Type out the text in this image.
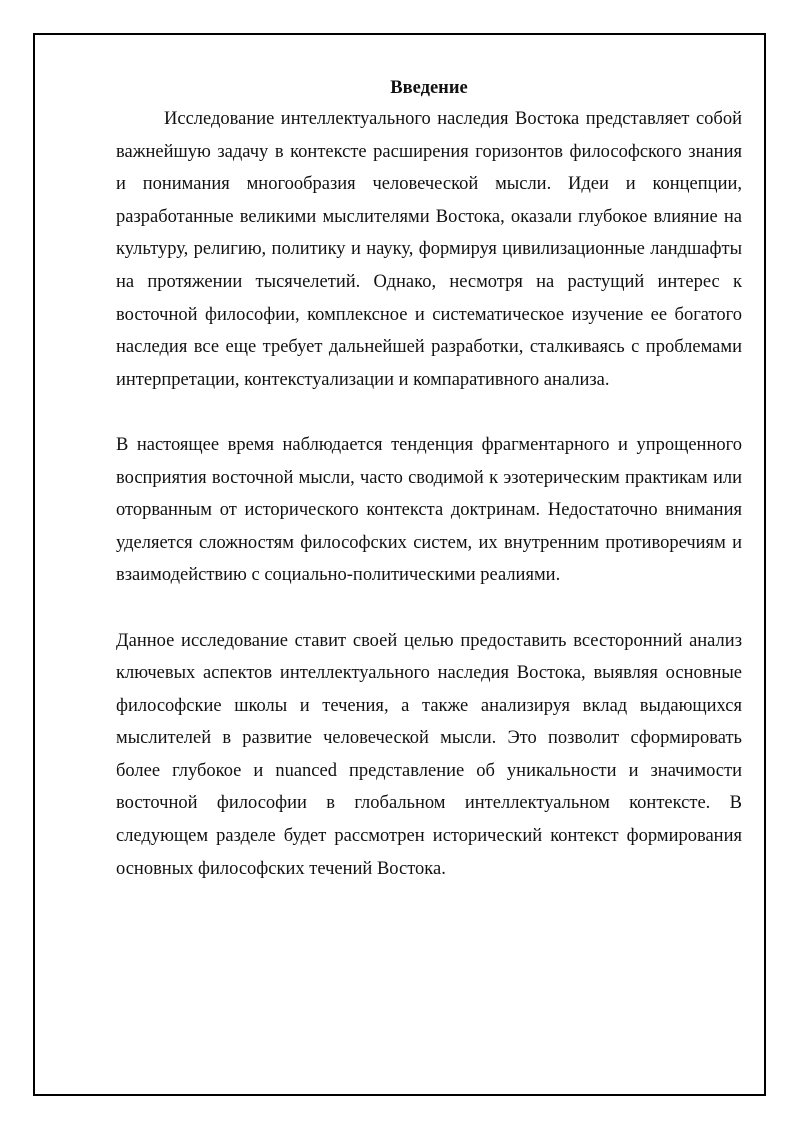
Введение

Исследование интеллектуального наследия Востока представляет собой важнейшую задачу в контексте расширения горизонтов философского знания и понимания многообразия человеческой мысли. Идеи и концепции, разработанные великими мыслителями Востока, оказали глубокое влияние на культуру, религию, политику и науку, формируя цивилизационные ландшафты на протяжении тысячелетий. Однако, несмотря на растущий интерес к восточной философии, комплексное и систематическое изучение ее богатого наследия все еще требует дальнейшей разработки, сталкиваясь с проблемами интерпретации, контекстуализации и компаративного анализа.

В настоящее время наблюдается тенденция фрагментарного и упрощенного восприятия восточной мысли, часто сводимой к эзотерическим практикам или оторванным от исторического контекста доктринам. Недостаточно внимания уделяется сложностям философских систем, их внутренним противоречиям и взаимодействию с социально-политическими реалиями.

Данное исследование ставит своей целью предоставить всесторонний анализ ключевых аспектов интеллектуального наследия Востока, выявляя основные философские школы и течения, а также анализируя вклад выдающихся мыслителей в развитие человеческой мысли. Это позволит сформировать более глубокое и nuanced представление об уникальности и значимости восточной философии в глобальном интеллектуальном контексте. В следующем разделе будет рассмотрен исторический контекст формирования основных философских течений Востока.
